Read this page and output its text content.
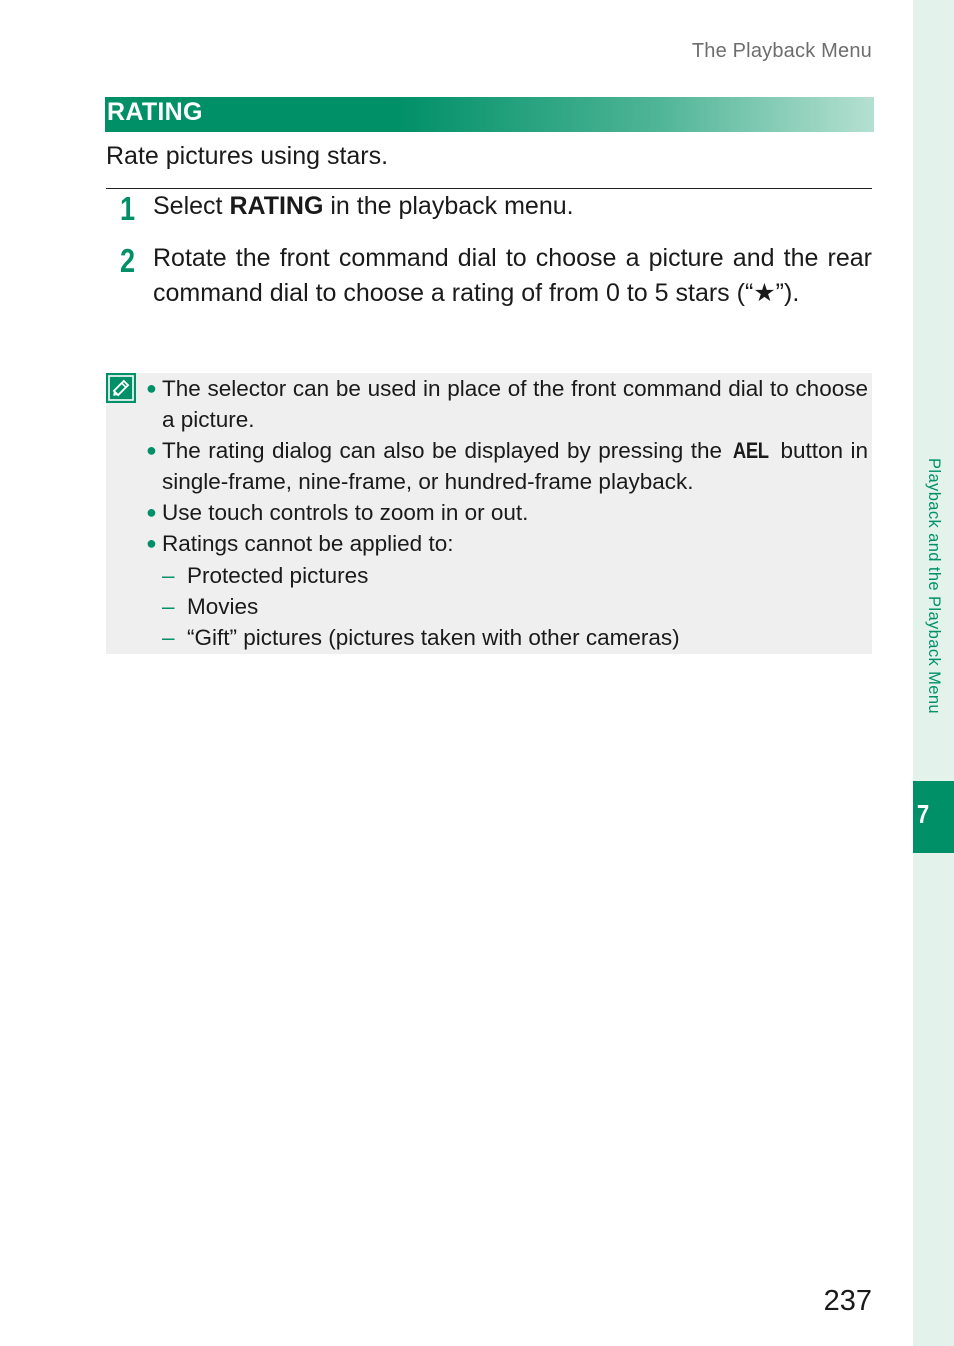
The Playback Menu
RATING
Rate pictures using stars.
1 Select RATING in the playback menu.
2 Rotate the front command dial to choose a picture and the rear command dial to choose a rating of from 0 to 5 stars (“★”).
● The selector can be used in place of the front command dial to choose a picture.
● The rating dialog can also be displayed by pressing the AEL button in single-frame, nine-frame, or hundred-frame playback.
● Use touch controls to zoom in or out.
● Ratings cannot be applied to:
– Protected pictures
– Movies
– “Gift” pictures (pictures taken with other cameras)	Playback and the Playback Menu
7
237
